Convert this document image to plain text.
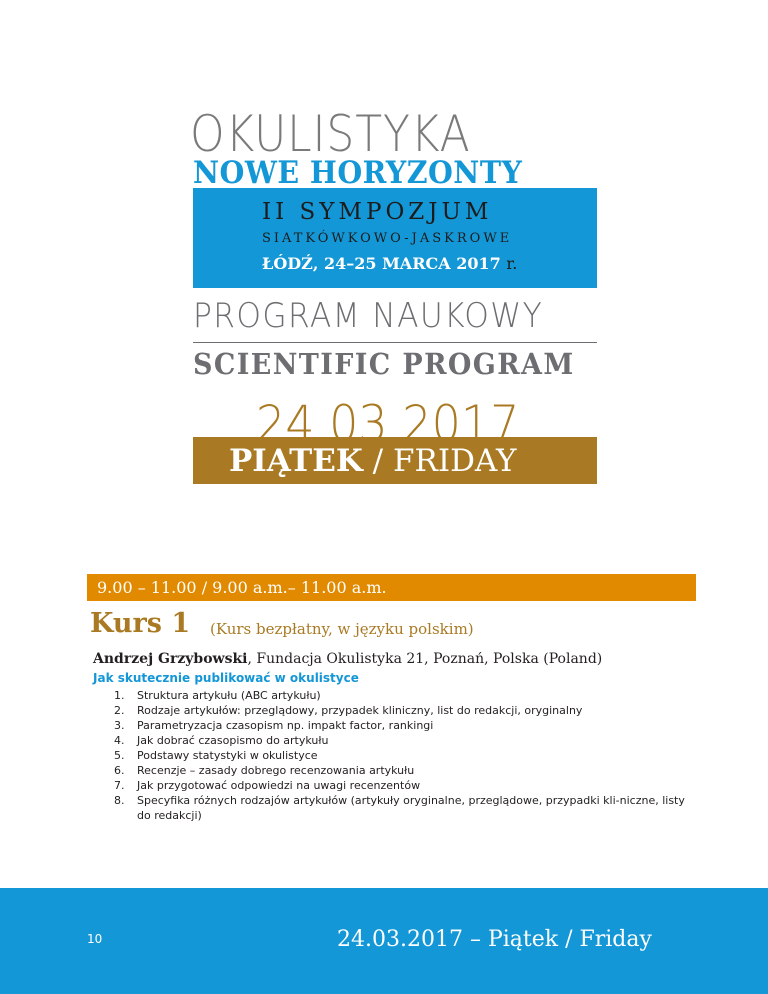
OKULISTYKA
NOWE HORYZONTY
II SYMPOZJUM
SIATKÓWKOWO-JASKROWE
ŁÓDŹ, 24–25 MARCA 2017 r.
PROGRAM NAUKOWY
SCIENTIFIC PROGRAM
24.03.2017
PIĄTEK / FRIDAY
9.00 – 11.00 / 9.00 a.m.– 11.00 a.m.
Kurs 1 (Kurs bezpłatny, w języku polskim)
Andrzej Grzybowski, Fundacja Okulistyka 21, Poznań, Polska (Poland)
Jak skutecznie publikować w okulistyce
1. Struktura artykułu (ABC artykułu)
2. Rodzaje artykułów: przeglądowy, przypadek kliniczny, list do redakcji, oryginalny
3. Parametryzacja czasopism np. impakt factor, rankingi
4. Jak dobrać czasopismo do artykułu
5. Podstawy statystyki w okulistyce
6. Recenzje – zasady dobrego recenzowania artykułu
7. Jak przygotować odpowiedzi na uwagi recenzentów
8. Specyfika różnych rodzajów artykułów (artykuły oryginalne, przeglądowe, przypadki kli-niczne, listy do redakcji)
10	24.03.2017 – Piątek / Friday
